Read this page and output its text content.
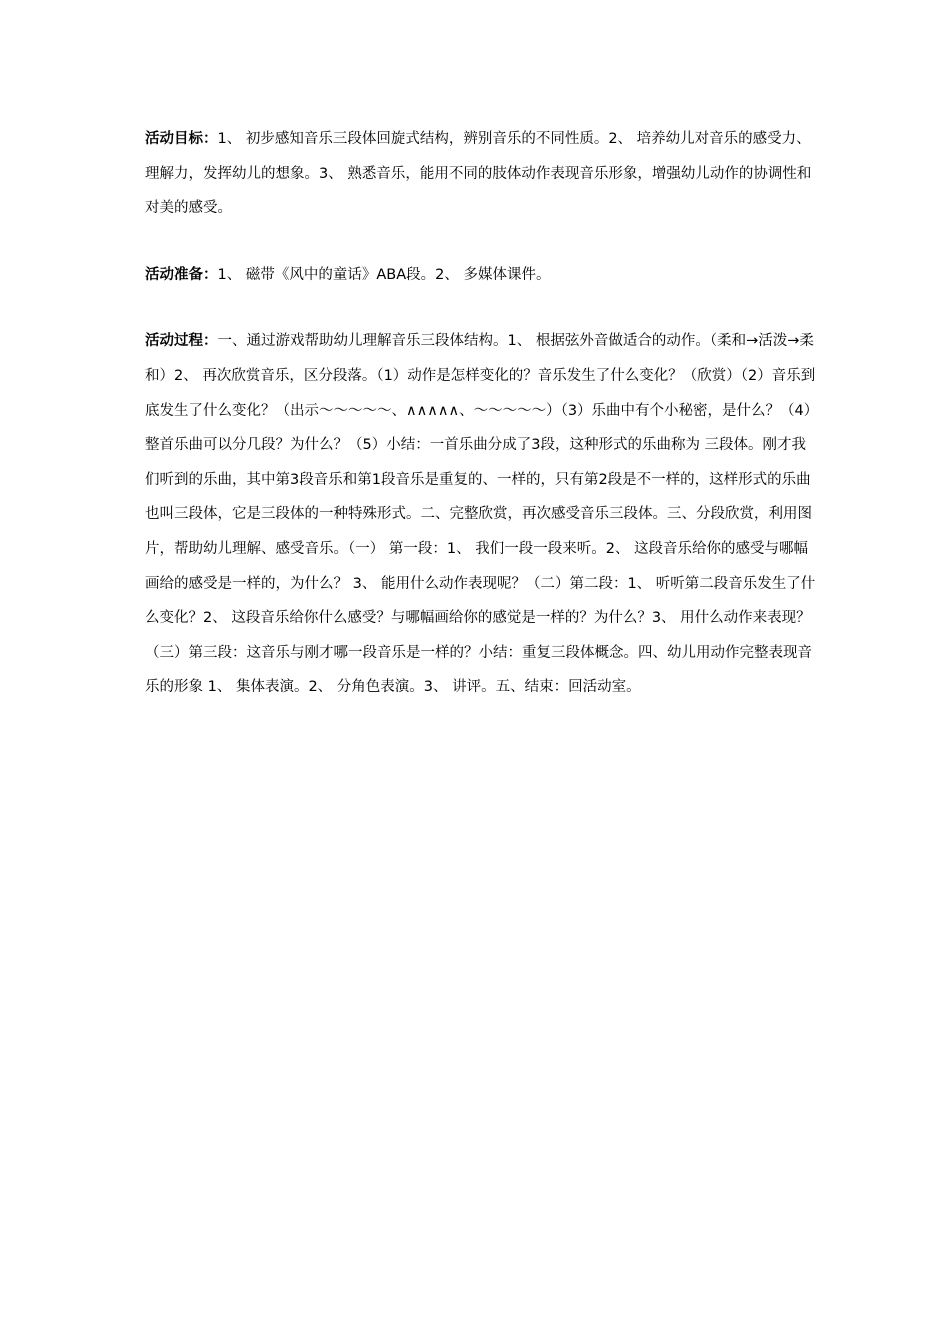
活动目标：1、 初步感知音乐三段体回旋式结构，辨别音乐的不同性质。2、 培养幼儿对音乐的感受力、理解力，发挥幼儿的想象。3、 熟悉音乐，能用不同的肢体动作表现音乐形象，增强幼儿动作的协调性和对美的感受。

活动准备：1、 磁带《风中的童话》ABA段。2、 多媒体课件。

活动过程：一、通过游戏帮助幼儿理解音乐三段体结构。1、 根据弦外音做适合的动作。（柔和→活泼→柔和）2、 再次欣赏音乐，区分段落。（1）动作是怎样变化的？音乐发生了什么变化？（欣赏）（2）音乐到底发生了什么变化？（出示～～～～～、∧∧∧∧∧、～～～～～）（3）乐曲中有个小秘密，是什么？（4）整首乐曲可以分几段？为什么？（5）小结：一首乐曲分成了3段，这种形式的乐曲称为 三段体。刚才我们听到的乐曲，其中第3段音乐和第1段音乐是重复的、一样的，只有第2段是不一样的，这样形式的乐曲也叫三段体，它是三段体的一种特殊形式。二、完整欣赏，再次感受音乐三段体。三、分段欣赏，利用图片，帮助幼儿理解、感受音乐。（一） 第一段：1、 我们一段一段来听。2、 这段音乐给你的感受与哪幅画给的感受是一样的，为什么？ 3、 能用什么动作表现呢？（二）第二段：1、 听听第二段音乐发生了什么变化？2、 这段音乐给你什么感受？与哪幅画给你的感觉是一样的？为什么？3、 用什么动作来表现？（三）第三段：这音乐与刚才哪一段音乐是一样的？小结：重复三段体概念。四、幼儿用动作完整表现音乐的形象 1、 集体表演。2、 分角色表演。3、 讲评。五、结束：回活动室。
